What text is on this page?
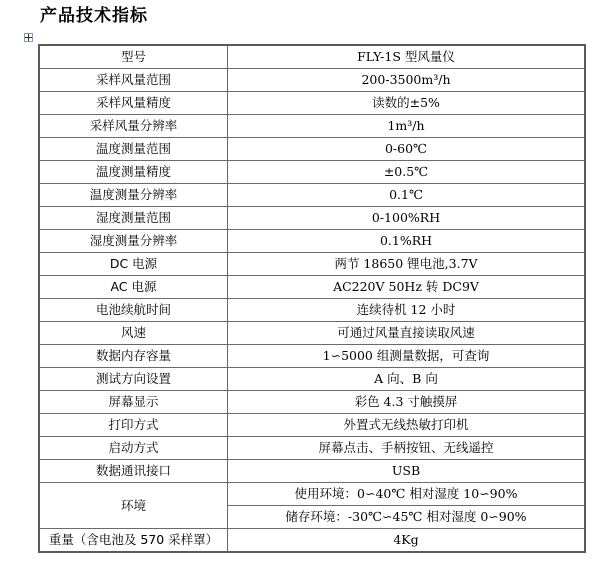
产品技术指标
型号	FLY-1S 型风量仪
采样风量范围	200-3500m³/h
采样风量精度	读数的±5%
采样风量分辨率	1m³/h
温度测量范围	0-60℃
温度测量精度	±0.5℃
温度测量分辨率	0.1℃
湿度测量范围	0-100%RH
湿度测量分辨率	0.1%RH
DC 电源	两节 18650 锂电池,3.7V
AC 电源	AC220V 50Hz 转 DC9V
电池续航时间	连续待机 12 小时
风速	可通过风量直接读取风速
数据内存容量	1∽5000 组测量数据，可查询
测试方向设置	A 向、B 向
屏幕显示	彩色 4.3 寸触摸屏
打印方式	外置式无线热敏打印机
启动方式	屏幕点击、手柄按钮、无线遥控
数据通讯接口	USB
环境	使用环境：0∽40℃ 相对湿度 10∽90%
	储存环境：-30℃∽45℃ 相对湿度 0∽90%
重量（含电池及 570 采样罩）	4Kg
